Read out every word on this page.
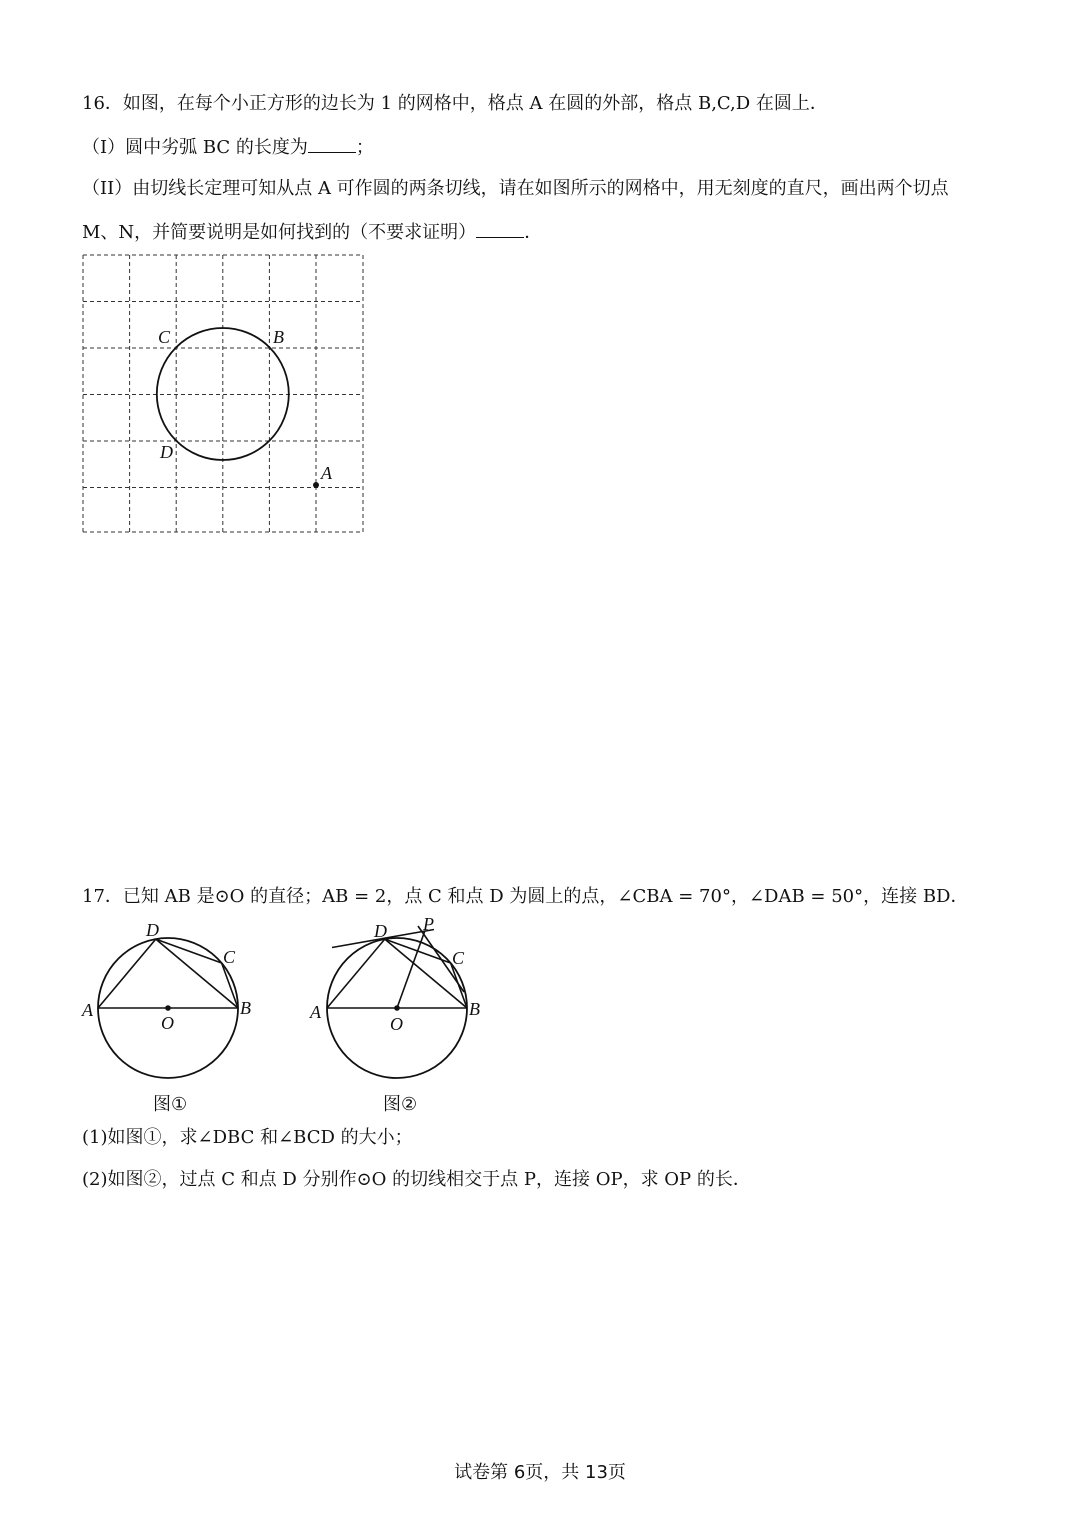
16．如图，在每个小正方形的边长为 1 的网格中，格点 A 在圆的外部，格点 B,C,D 在圆上．
（I）圆中劣弧 BC 的长度为	；
（II）由切线长定理可知从点 A 可作圆的两条切线，请在如图所示的网格中，用无刻度的直尺，画出两个切点
M、N，并简要说明是如何找到的（不要求证明）	．
C	B
D
A
17．已知 AB 是⊙O 的直径；AB = 2，点 C 和点 D 为圆上的点，∠CBA = 70°，∠DAB = 50°，连接 BD．
A	B
C
D
O
图①
A	B
C
D
O
P
图②
(1)如图①，求∠DBC 和∠BCD 的大小；
(2)如图②，过点 C 和点 D 分别作⊙O 的切线相交于点 P，连接 OP，求 OP 的长．
试卷第 6页，共 13页
